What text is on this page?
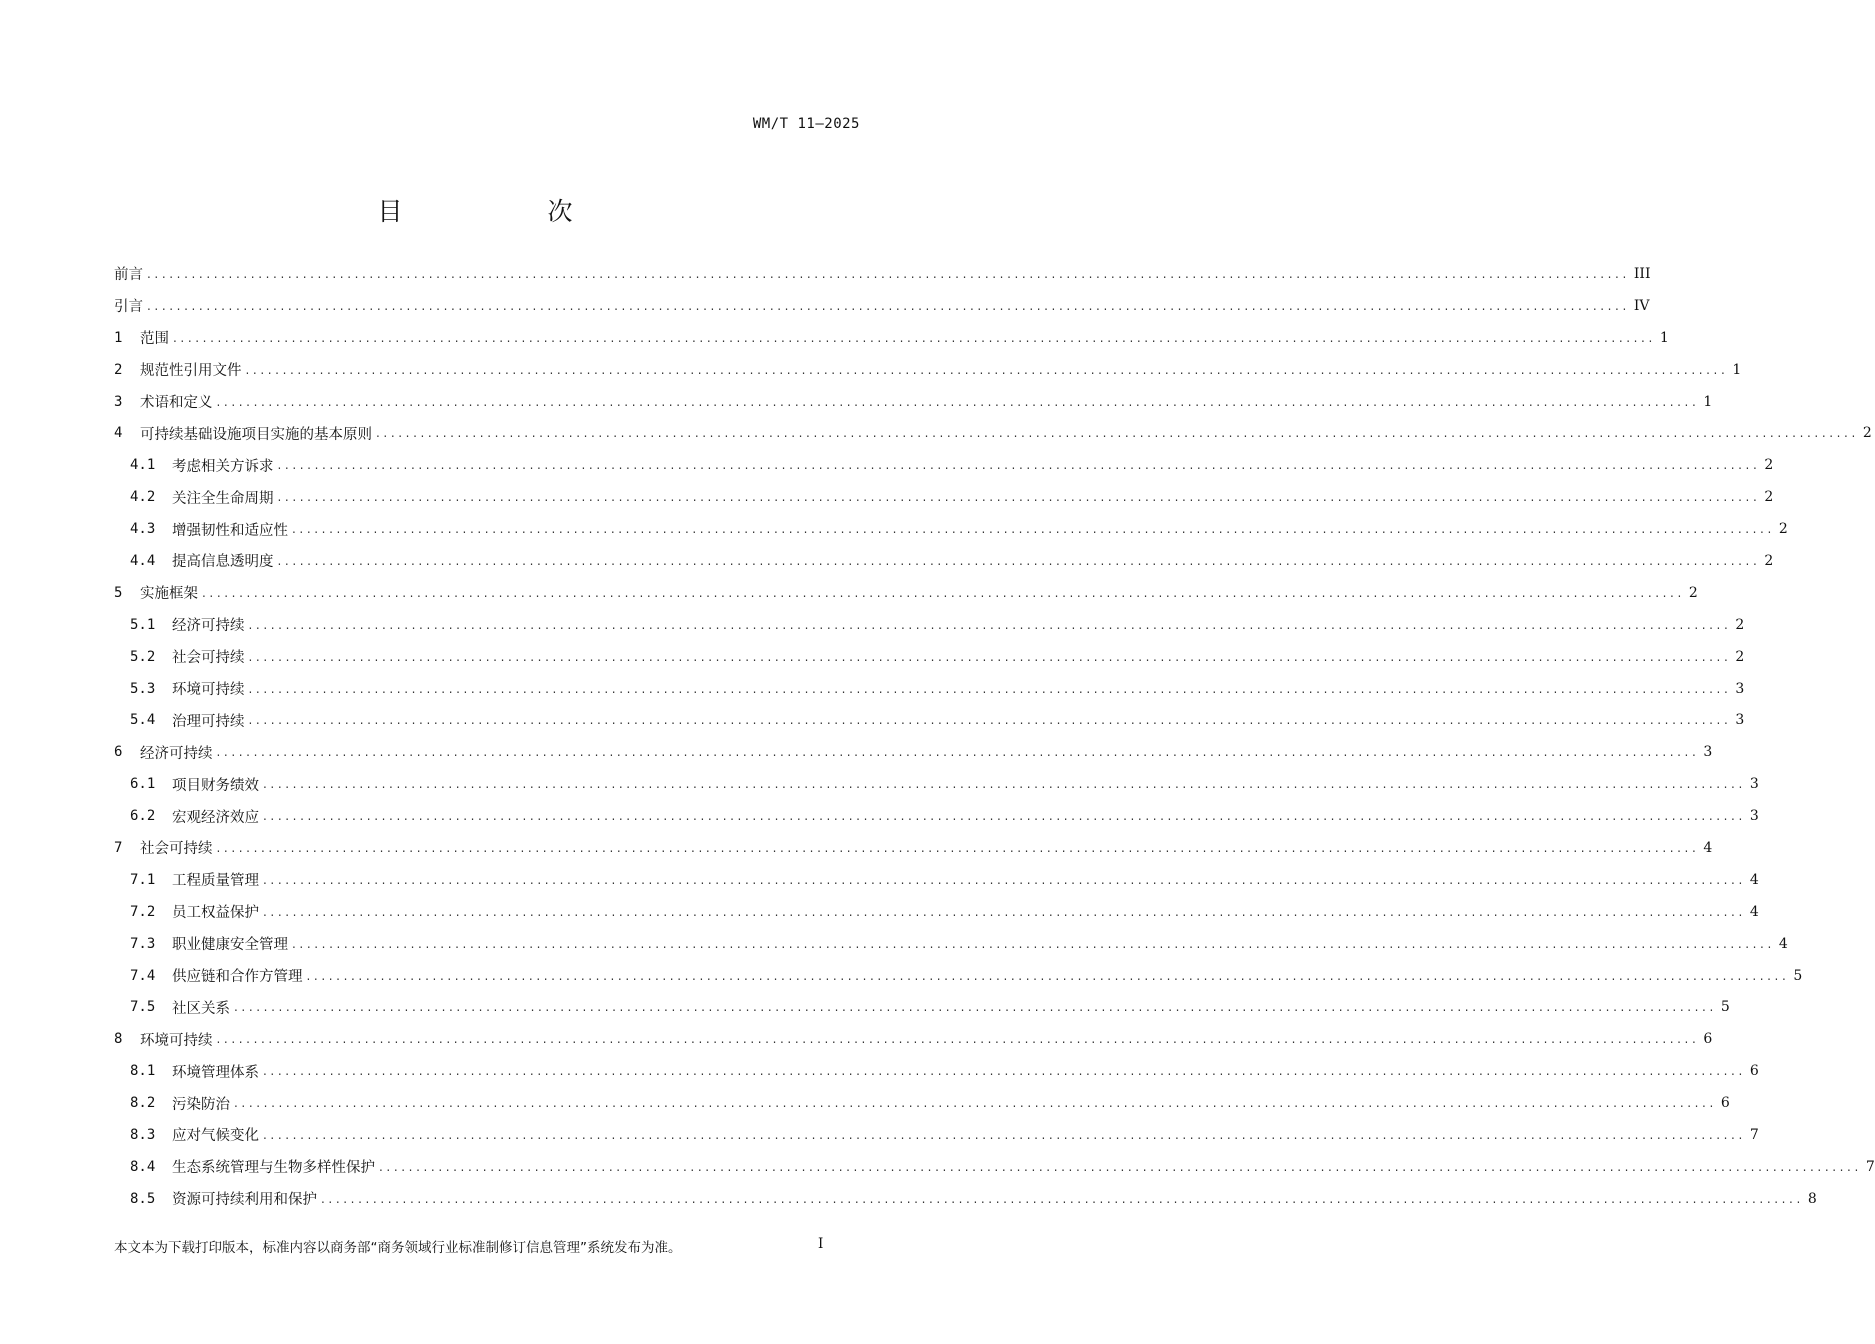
WM/T 11—2025
目　次
前言 ........................................................................................................................................................................................................ III
引言 ........................................................................................................................................................................................................ IV
1	范围 ........................................................................................................................................................................................................ 1
2	规范性引用文件 ........................................................................................................................................................................................................ 1
3	术语和定义 ........................................................................................................................................................................................................ 1
4	可持续基础设施项目实施的基本原则 ........................................................................................................................................................................................................ 2
4.1	考虑相关方诉求 ........................................................................................................................................................................................................ 2
4.2	关注全生命周期 ........................................................................................................................................................................................................ 2
4.3	增强韧性和适应性 ........................................................................................................................................................................................................ 2
4.4	提高信息透明度 ........................................................................................................................................................................................................ 2
5	实施框架 ........................................................................................................................................................................................................ 2
5.1	经济可持续 ........................................................................................................................................................................................................ 2
5.2	社会可持续 ........................................................................................................................................................................................................ 2
5.3	环境可持续 ........................................................................................................................................................................................................ 3
5.4	治理可持续 ........................................................................................................................................................................................................ 3
6	经济可持续 ........................................................................................................................................................................................................ 3
6.1	项目财务绩效 ........................................................................................................................................................................................................ 3
6.2	宏观经济效应 ........................................................................................................................................................................................................ 3
7	社会可持续 ........................................................................................................................................................................................................ 4
7.1	工程质量管理 ........................................................................................................................................................................................................ 4
7.2	员工权益保护 ........................................................................................................................................................................................................ 4
7.3	职业健康安全管理 ........................................................................................................................................................................................................ 4
7.4	供应链和合作方管理 ........................................................................................................................................................................................................ 5
7.5	社区关系 ........................................................................................................................................................................................................ 5
8	环境可持续 ........................................................................................................................................................................................................ 6
8.1	环境管理体系 ........................................................................................................................................................................................................ 6
8.2	污染防治 ........................................................................................................................................................................................................ 6
8.3	应对气候变化 ........................................................................................................................................................................................................ 7
8.4	生态系统管理与生物多样性保护 ........................................................................................................................................................................................................ 7
8.5	资源可持续利用和保护 ........................................................................................................................................................................................................ 8
本文本为下载打印版本，标准内容以商务部“商务领域行业标准制修订信息管理”系统发布为准。	I
